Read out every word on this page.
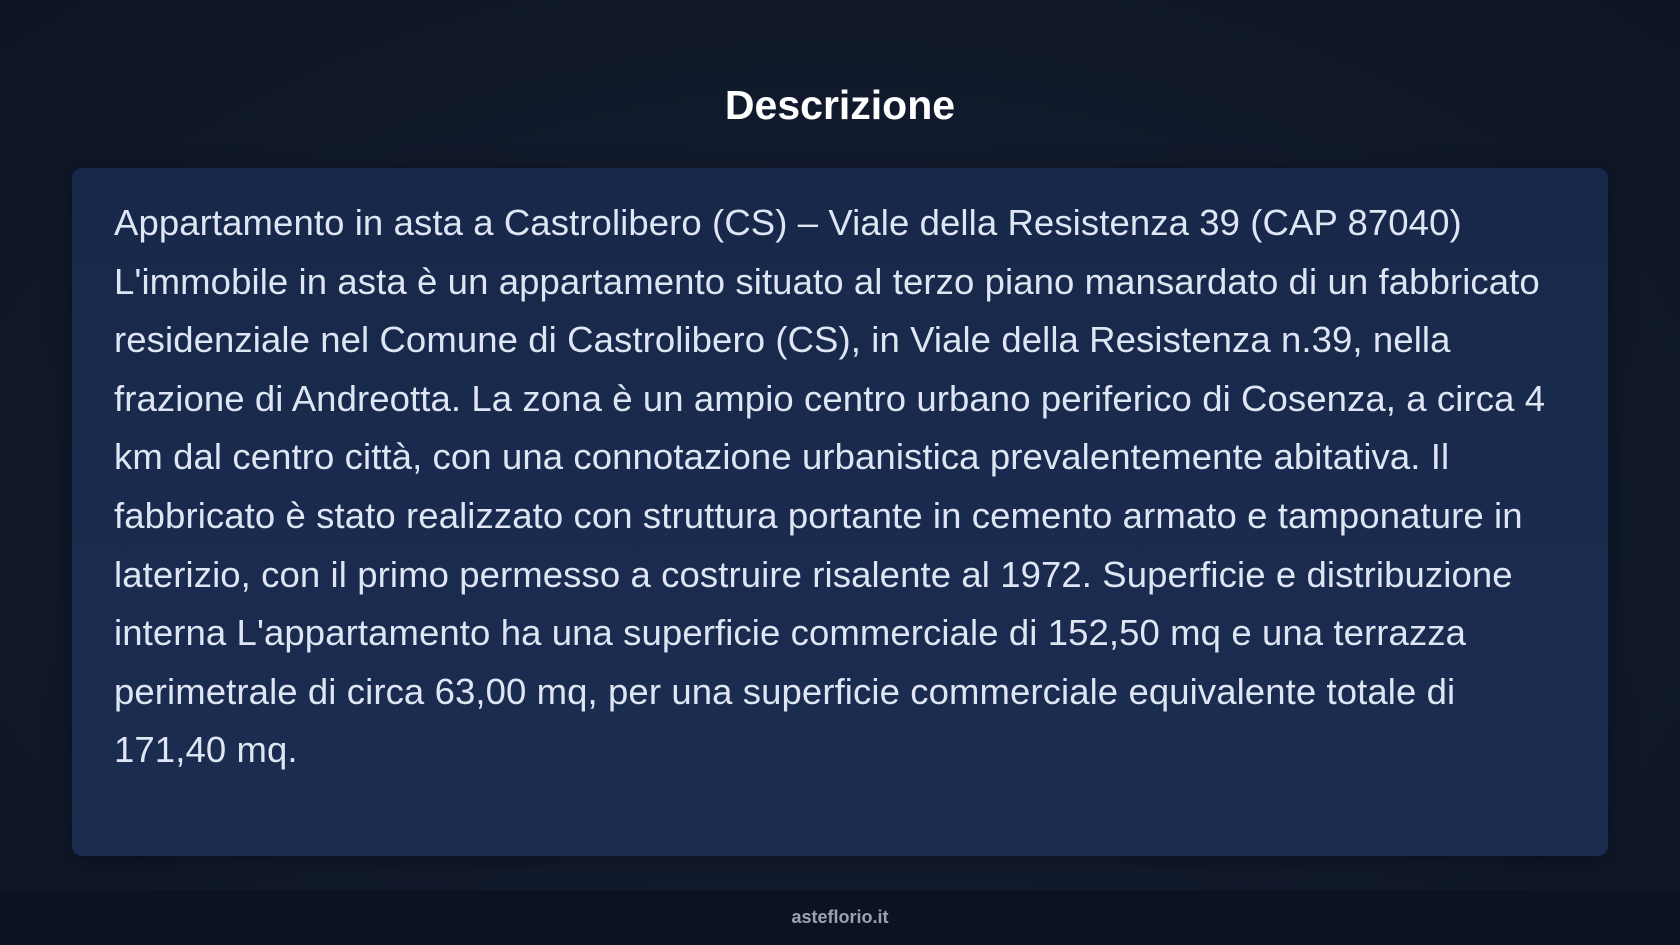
Descrizione

Appartamento in asta a Castrolibero (CS) – Viale della Resistenza 39 (CAP 87040) L'immobile in asta è un appartamento situato al terzo piano mansardato di un fabbricato residenziale nel Comune di Castrolibero (CS), in Viale della Resistenza n.39, nella frazione di Andreotta. La zona è un ampio centro urbano periferico di Cosenza, a circa 4 km dal centro città, con una connotazione urbanistica prevalentemente abitativa. Il fabbricato è stato realizzato con struttura portante in cemento armato e tamponature in laterizio, con il primo permesso a costruire risalente al 1972. Superficie e distribuzione interna L'appartamento ha una superficie commerciale di 152,50 mq e una terrazza perimetrale di circa 63,00 mq, per una superficie commerciale equivalente totale di 171,40 mq.

asteflorio.it
